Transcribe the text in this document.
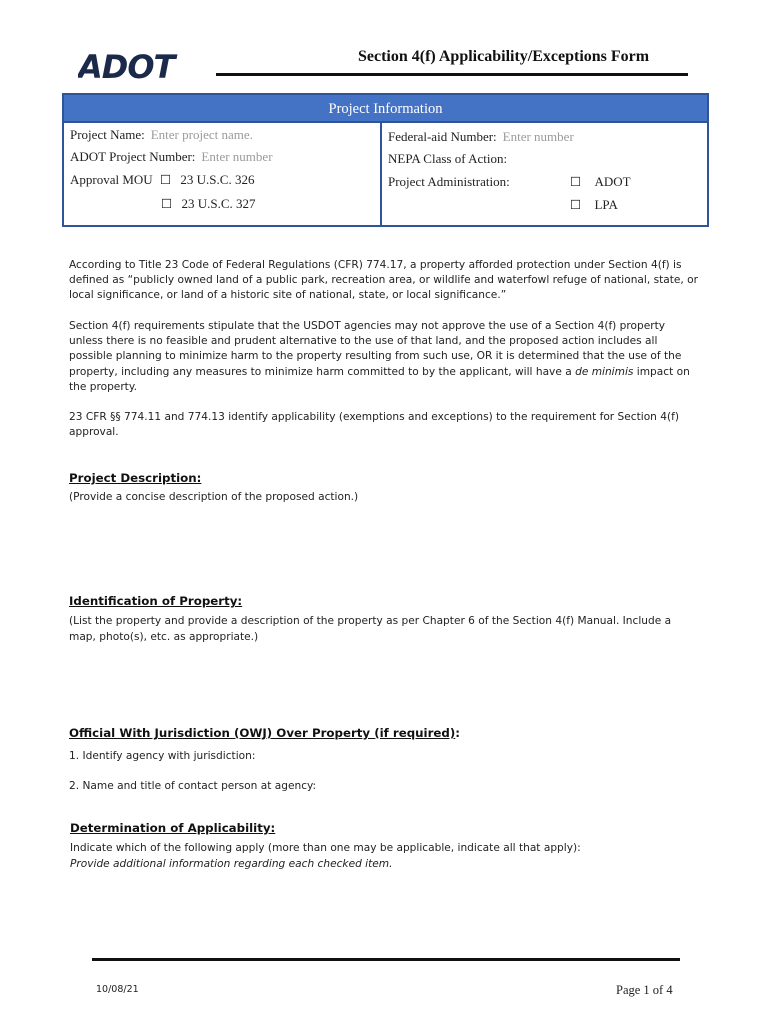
ADOT	Section 4(f) Applicability/Exceptions Form
Project Information
Project Name: Enter project name.
ADOT Project Number: Enter number
Approval MOU ☐ 23 U.S.C. 326
☐ 23 U.S.C. 327
Federal-aid Number: Enter number
NEPA Class of Action:
Project Administration:	☐ ADOT
☐ LPA
According to Title 23 Code of Federal Regulations (CFR) 774.17, a property afforded protection under Section 4(f) is defined as “publicly owned land of a public park, recreation area, or wildlife and waterfowl refuge of national, state, or local significance, or land of a historic site of national, state, or local significance.”
Section 4(f) requirements stipulate that the USDOT agencies may not approve the use of a Section 4(f) property unless there is no feasible and prudent alternative to the use of that land, and the proposed action includes all possible planning to minimize harm to the property resulting from such use, OR it is determined that the use of the property, including any measures to minimize harm committed to by the applicant, will have a de minimis impact on the property.
23 CFR §§ 774.11 and 774.13 identify applicability (exemptions and exceptions) to the requirement for Section 4(f) approval.
Project Description:
(Provide a concise description of the proposed action.)
Identification of Property:
(List the property and provide a description of the property as per Chapter 6 of the Section 4(f) Manual. Include a map, photo(s), etc. as appropriate.)
Official With Jurisdiction (OWJ) Over Property (if required):
1. Identify agency with jurisdiction:
2. Name and title of contact person at agency:
Determination of Applicability:
Indicate which of the following apply (more than one may be applicable, indicate all that apply):
Provide additional information regarding each checked item.
10/08/21	Page 1 of 4
